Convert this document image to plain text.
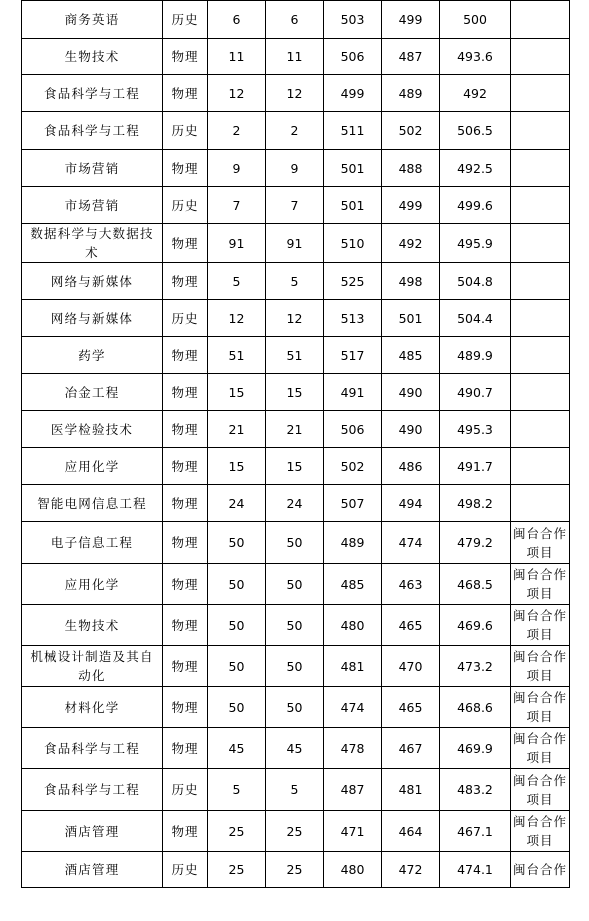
商务英语	历史	6	6	503	499	500	
生物技术	物理	11	11	506	487	493.6	
食品科学与工程	物理	12	12	499	489	492	
食品科学与工程	历史	2	2	511	502	506.5	
市场营销	物理	9	9	501	488	492.5	
市场营销	历史	7	7	501	499	499.6	
数据科学与大数据技术	物理	91	91	510	492	495.9	
网络与新媒体	物理	5	5	525	498	504.8	
网络与新媒体	历史	12	12	513	501	504.4	
药学	物理	51	51	517	485	489.9	
冶金工程	物理	15	15	491	490	490.7	
医学检验技术	物理	21	21	506	490	495.3	
应用化学	物理	15	15	502	486	491.7	
智能电网信息工程	物理	24	24	507	494	498.2	
电子信息工程	物理	50	50	489	474	479.2	闽台合作项目
应用化学	物理	50	50	485	463	468.5	闽台合作项目
生物技术	物理	50	50	480	465	469.6	闽台合作项目
机械设计制造及其自动化	物理	50	50	481	470	473.2	闽台合作项目
材料化学	物理	50	50	474	465	468.6	闽台合作项目
食品科学与工程	物理	45	45	478	467	469.9	闽台合作项目
食品科学与工程	历史	5	5	487	481	483.2	闽台合作项目
酒店管理	物理	25	25	471	464	467.1	闽台合作项目
酒店管理	历史	25	25	480	472	474.1	闽台合作
